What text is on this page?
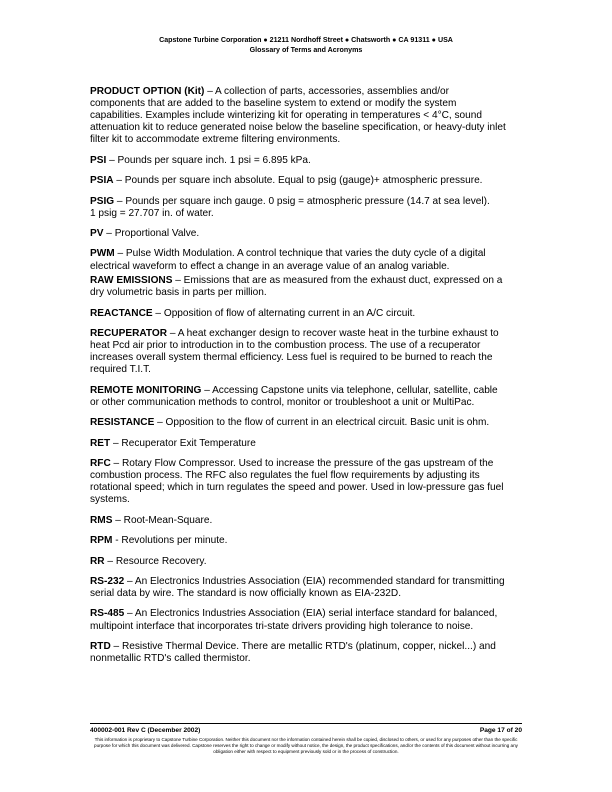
Capstone Turbine Corporation ● 21211 Nordhoff Street ● Chatsworth ● CA 91311 ● USA
Glossary of Terms and Acronyms

PRODUCT OPTION (Kit) – A collection of parts, accessories, assemblies and/or
components that are added to the baseline system to extend or modify the system
capabilities. Examples include winterizing kit for operating in temperatures < 4°C, sound
attenuation kit to reduce generated noise below the baseline specification, or heavy-duty inlet
filter kit to accommodate extreme filtering environments.

PSI – Pounds per square inch. 1 psi = 6.895 kPa.

PSIA – Pounds per square inch absolute. Equal to psig (gauge)+ atmospheric pressure.

PSIG – Pounds per square inch gauge. 0 psig = atmospheric pressure (14.7 at sea level).
1 psig = 27.707 in. of water.

PV – Proportional Valve.

PWM – Pulse Width Modulation. A control technique that varies the duty cycle of a digital
electrical waveform to effect a change in an average value of an analog variable.

RAW EMISSIONS – Emissions that are as measured from the exhaust duct, expressed on a
dry volumetric basis in parts per million.

REACTANCE – Opposition of flow of alternating current in an A/C circuit.

RECUPERATOR – A heat exchanger design to recover waste heat in the turbine exhaust to
heat Pcd air prior to introduction in to the combustion process. The use of a recuperator
increases overall system thermal efficiency. Less fuel is required to be burned to reach the
required T.I.T.

REMOTE MONITORING – Accessing Capstone units via telephone, cellular, satellite, cable
or other communication methods to control, monitor or troubleshoot a unit or MultiPac.

RESISTANCE – Opposition to the flow of current in an electrical circuit. Basic unit is ohm.

RET – Recuperator Exit Temperature

RFC – Rotary Flow Compressor. Used to increase the pressure of the gas upstream of the
combustion process. The RFC also regulates the fuel flow requirements by adjusting its
rotational speed; which in turn regulates the speed and power. Used in low-pressure gas fuel
systems.

RMS – Root-Mean-Square.

RPM - Revolutions per minute.

RR – Resource Recovery.

RS-232 – An Electronics Industries Association (EIA) recommended standard for transmitting
serial data by wire. The standard is now officially known as EIA-232D.

RS-485 – An Electronics Industries Association (EIA) serial interface standard for balanced,
multipoint interface that incorporates tri-state drivers providing high tolerance to noise.

RTD – Resistive Thermal Device. There are metallic RTD's (platinum, copper, nickel...) and
nonmetallic RTD's called thermistor.

400002-001 Rev C (December 2002)	Page 17 of 20
This information is proprietary to Capstone Turbine Corporation. Neither this document nor the information contained herein shall be copied, disclosed to others, or used for any purposes other than the specific purpose for which this document was delivered. Capstone reserves the right to change or modify without notice, the design, the product specifications, and/or the contents of this document without incurring any obligation either with respect to equipment previously sold or in the process of construction.
